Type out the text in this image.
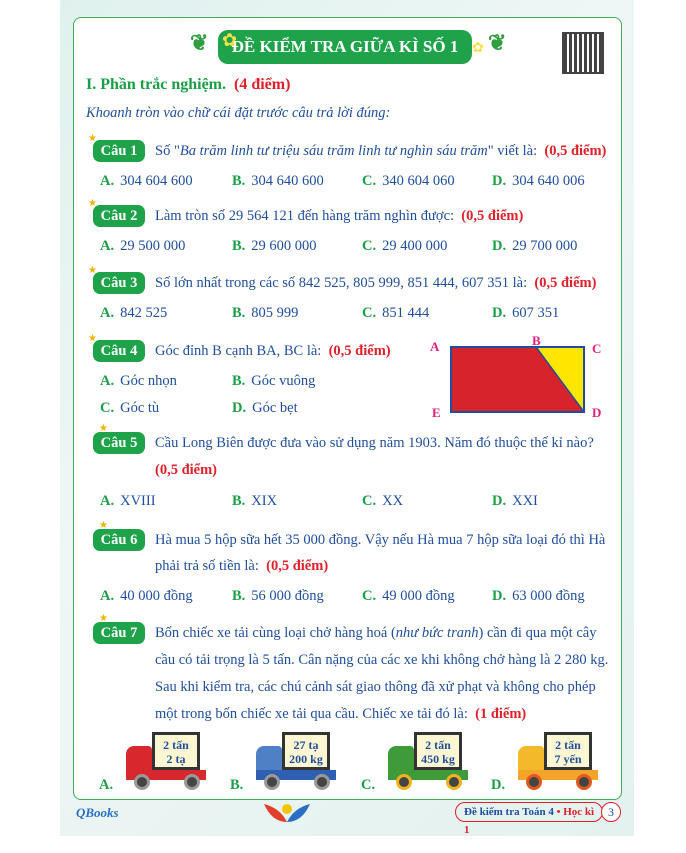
❦	ĐỀ KIỂM TRA GIỮA KÌ SỐ 1
✿	✿ ❦
I. Phần trắc nghiệm. (4 điểm)
Khoanh tròn vào chữ cái đặt trước câu trả lời đúng:
Câu 1
★
Số "Ba trăm linh tư triệu sáu trăm linh tư nghìn sáu trăm" viết là: (0,5 điểm)
A. 304 604 600	B. 304 640 600	C. 340 604 060	D. 304 640 006
Câu 2
★
Làm tròn số 29 564 121 đến hàng trăm nghìn được: (0,5 điểm)
A. 29 500 000	B. 29 600 000	C. 29 400 000	D. 29 700 000
Câu 3
★
Số lớn nhất trong các số 842 525, 805 999, 851 444, 607 351 là: (0,5 điểm)
A. 842 525	B. 805 999	C. 851 444	D. 607 351
Câu 4
★
Góc đỉnh B cạnh BA, BC là: (0,5 điểm)
A. Góc nhọn	B. Góc vuông
C. Góc tù	D. Góc bẹt
A	B
C
E	D
Câu 5
★
Cầu Long Biên được đưa vào sử dụng năm 1903. Năm đó thuộc thế kỉ nào?
(0,5 điểm)
A. XVIII	B. XIX	C. XX	D. XXI
Câu 6
★
Hà mua 5 hộp sữa hết 35 000 đồng. Vậy nếu Hà mua 7 hộp sữa loại đó thì Hà
phải trả số tiền là: (0,5 điểm)
A. 40 000 đồng	B. 56 000 đồng	C. 49 000 đồng	D. 63 000 đồng
Câu 7
★
Bốn chiếc xe tải cùng loại chở hàng hoá (như bức tranh) cần đi qua một cây
cầu có tải trọng là 5 tấn. Cân nặng của các xe khi không chở hàng là 2 280 kg.
Sau khi kiểm tra, các chú cảnh sát giao thông đã xử phạt và không cho phép
một trong bốn chiếc xe tải qua cầu. Chiếc xe tải đó là: (1 điểm)
A.
2 tấn
2 tạ
B.
27 tạ
200 kg
C.
2 tấn
450 kg
D.
2 tấn
7 yến
QBooks	Đề kiểm tra Toán 4 • Học kì 1
3
